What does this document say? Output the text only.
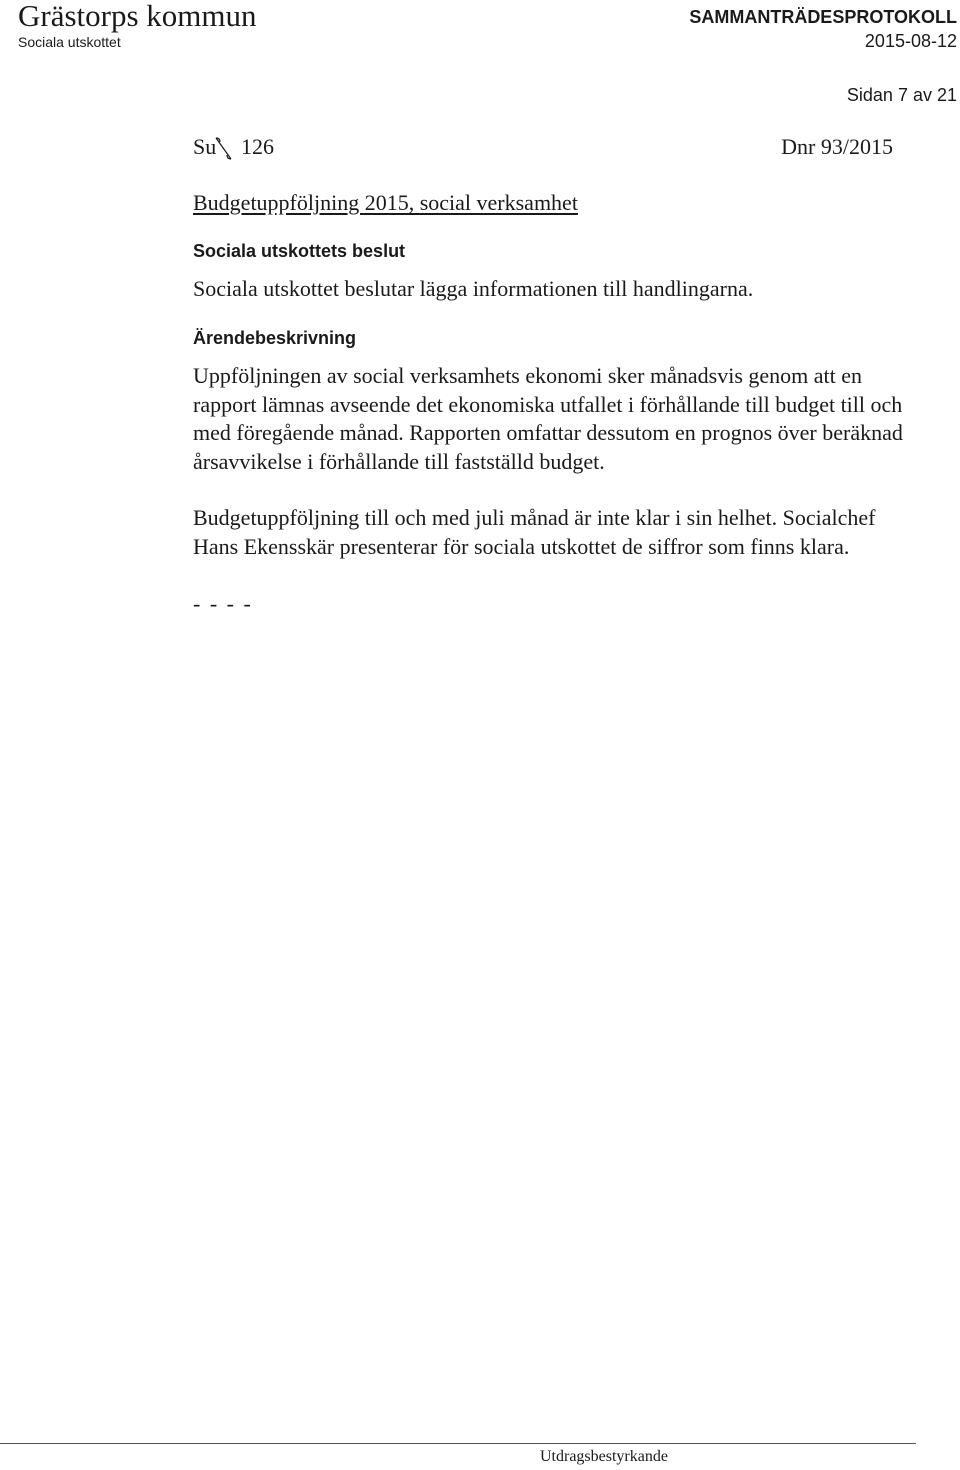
Grästorps kommun
Sociala utskottet
SAMMANTRÄDESPROTOKOLL
2015-08-12
Sidan 7 av 21
Su 126	Dnr 93/2015
Budgetuppföljning 2015, social verksamhet
Sociala utskottets beslut
Sociala utskottet beslutar lägga informationen till handlingarna.
Ärendebeskrivning

Uppföljningen av social verksamhets ekonomi sker månadsvis genom att en rapport lämnas avseende det ekonomiska utfallet i förhållande till budget till och med föregående månad. Rapporten omfattar dessutom en prognos över beräknad årsavvikelse i förhållande till fastställd budget.

Budgetuppföljning till och med juli månad är inte klar i sin helhet. Socialchef Hans Ekensskär presenterar för sociala utskottet de siffror som finns klara.

- - - -
Utdragsbestyrkande
